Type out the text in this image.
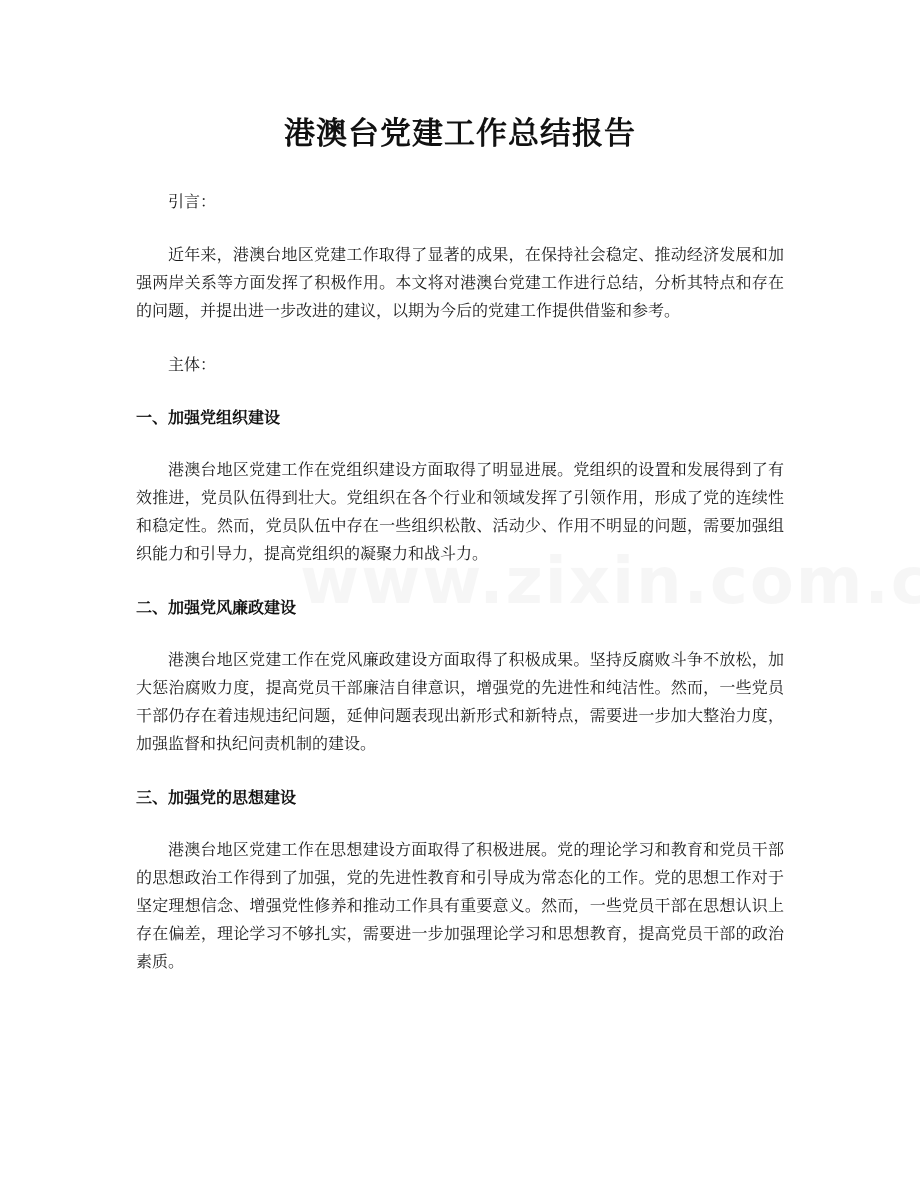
港澳台党建工作总结报告

引言：

近年来，港澳台地区党建工作取得了显著的成果，在保持社会稳定、推动经济发展和加强两岸关系等方面发挥了积极作用。本文将对港澳台党建工作进行总结，分析其特点和存在的问题，并提出进一步改进的建议，以期为今后的党建工作提供借鉴和参考。

主体：

一、加强党组织建设

港澳台地区党建工作在党组织建设方面取得了明显进展。党组织的设置和发展得到了有效推进，党员队伍得到壮大。党组织在各个行业和领域发挥了引领作用，形成了党的连续性和稳定性。然而，党员队伍中存在一些组织松散、活动少、作用不明显的问题，需要加强组织能力和引导力，提高党组织的凝聚力和战斗力。

二、加强党风廉政建设

港澳台地区党建工作在党风廉政建设方面取得了积极成果。坚持反腐败斗争不放松，加大惩治腐败力度，提高党员干部廉洁自律意识，增强党的先进性和纯洁性。然而，一些党员干部仍存在着违规违纪问题，延伸问题表现出新形式和新特点，需要进一步加大整治力度，加强监督和执纪问责机制的建设。

三、加强党的思想建设

港澳台地区党建工作在思想建设方面取得了积极进展。党的理论学习和教育和党员干部的思想政治工作得到了加强，党的先进性教育和引导成为常态化的工作。党的思想工作对于坚定理想信念、增强党性修养和推动工作具有重要意义。然而，一些党员干部在思想认识上存在偏差，理论学习不够扎实，需要进一步加强理论学习和思想教育，提高党员干部的政治素质。
